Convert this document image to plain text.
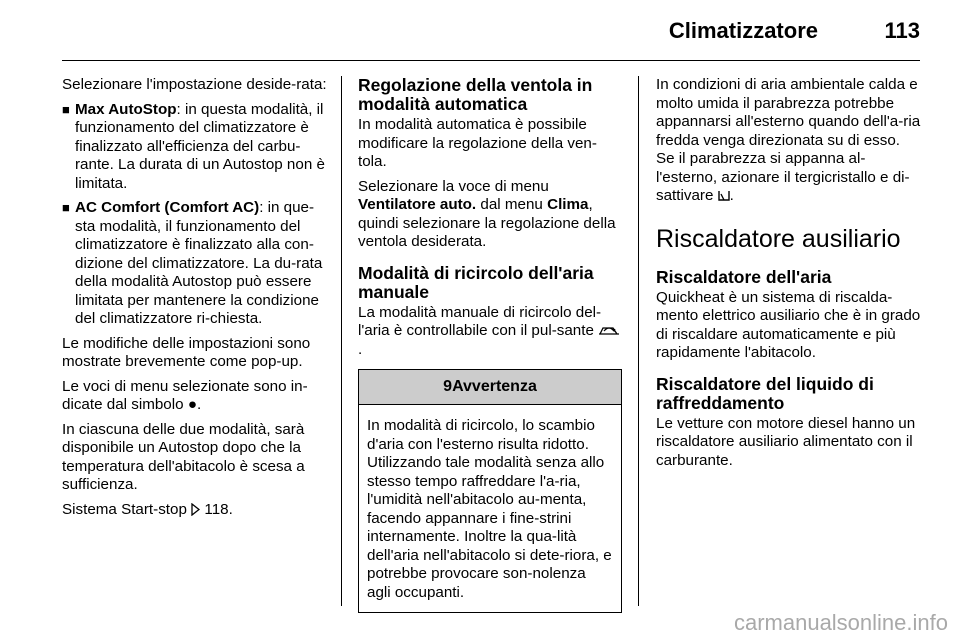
Climatizzatore	113

Selezionare l'impostazione deside-rata:

■ Max AutoStop: in questa modalità, il funzionamento del climatizzatore è finalizzato all'efficienza del carbu-rante. La durata di un Autostop non è limitata.
■ AC Comfort (Comfort AC): in que-sta modalità, il funzionamento del climatizzatore è finalizzato alla con-dizione del climatizzatore. La du-rata della modalità Autostop può essere limitata per mantenere la condizione del climatizzatore ri-chiesta.

Le modifiche delle impostazioni sono mostrate brevemente come pop-up.

Le voci di menu selezionate sono in-dicate dal simbolo ●.

In ciascuna delle due modalità, sarà disponibile un Autostop dopo che la temperatura dell'abitacolo è scesa a sufficienza.

Sistema Start-stop 118.

Regolazione della ventola in modalità automatica

In modalità automatica è possibile modificare la regolazione della ven-tola.

Selezionare la voce di menu
Ventilatore auto. dal menu Clima, quindi selezionare la regolazione della ventola desiderata.

Modalità di ricircolo dell'aria manuale

La modalità manuale di ricircolo del-l'aria è controllabile con il pul-sante .

9Avvertenza
In modalità di ricircolo, lo scambio d'aria con l'esterno risulta ridotto. Utilizzando tale modalità senza allo stesso tempo raffreddare l'a-ria, l'umidità nell'abitacolo au-menta, facendo appannare i fine-strini internamente. Inoltre la qua-lità dell'aria nell'abitacolo si dete-riora, e potrebbe provocare son-nolenza agli occupanti.

In condizioni di aria ambientale calda e molto umida il parabrezza potrebbe appannarsi all'esterno quando dell'a-ria fredda venga direzionata su di esso. Se il parabrezza si appanna al-l'esterno, azionare il tergicristallo e di-sattivare .

Riscaldatore ausiliario
Riscaldatore dell'aria

Quickheat è un sistema di riscalda-mento elettrico ausiliario che è in grado di riscaldare automaticamente e più rapidamente l'abitacolo.

Riscaldatore del liquido di raffreddamento

Le vetture con motore diesel hanno un riscaldatore ausiliario alimentato con il carburante.

carmanualsonline.info
